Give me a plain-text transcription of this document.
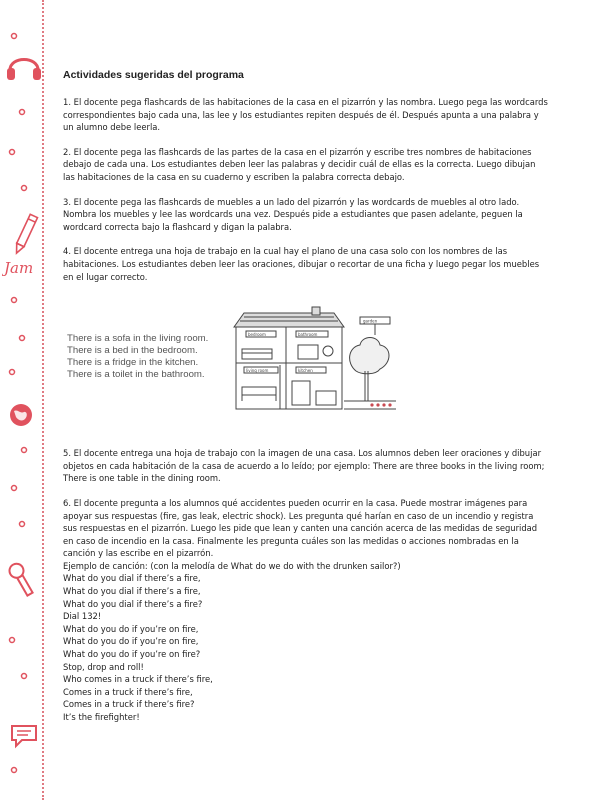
Jam
Actividades sugeridas del programa

1. El docente pega flashcards de las habitaciones de la casa en el pizarrón y las nombra. Luego pega las wordcards correspondientes bajo cada una, las lee y los estudiantes repiten después de él. Después apunta a una palabra y un alumno debe leerla.

2. El docente pega las flashcards de las partes de la casa en el pizarrón y escribe tres nombres de habitaciones debajo de cada una. Los estudiantes deben leer las palabras y decidir cuál de ellas es la correcta. Luego dibujan las habitaciones de la casa en su cuaderno y escriben la palabra correcta debajo.

3. El docente pega las flashcards de muebles a un lado del pizarrón y las wordcards de muebles al otro lado. Nombra los muebles y lee las wordcards una vez. Después pide a estudiantes que pasen adelante, peguen la wordcard correcta bajo la flashcard y digan la palabra.

4. El docente entrega una hoja de trabajo en la cual hay el plano de una casa solo con los nombres de las habitaciones. Los estudiantes deben leer las oraciones, dibujar o recortar de una ficha y luego pegar los muebles en el lugar correcto.

There is a sofa in the living room.
There is a bed in the bedroom.
There is a fridge in the kitchen.
There is a toilet in the bathroom.
bedroom	bathroom
living room	kitchen
garden

5. El docente entrega una hoja de trabajo con la imagen de una casa. Los alumnos deben leer oraciones y dibujar objetos en cada habitación de la casa de acuerdo a lo leído; por ejemplo: There are three books in the living room; There is one table in the dining room.

6. El docente pregunta a los alumnos qué accidentes pueden ocurrir en la casa. Puede mostrar imágenes para apoyar sus respuestas (fire, gas leak, electric shock). Les pregunta qué harían en caso de un incendio y registra sus respuestas en el pizarrón. Luego les pide que lean y canten una canción acerca de las medidas de seguridad en caso de incendio en la casa. Finalmente les pregunta cuáles son las medidas o acciones nombradas en la canción y las escribe en el pizarrón.

Ejemplo de canción: (con la melodía de What do we do with the drunken sailor?)
What do you dial if there’s a fire,
What do you dial if there’s a fire,
What do you dial if there’s a fire?
Dial 132!
What do you do if you’re on fire,
What do you do if you’re on fire,
What do you do if you’re on fire?
Stop, drop and roll!
Who comes in a truck if there’s fire,
Comes in a truck if there’s fire,
Comes in a truck if there’s fire?
It’s the firefighter!
